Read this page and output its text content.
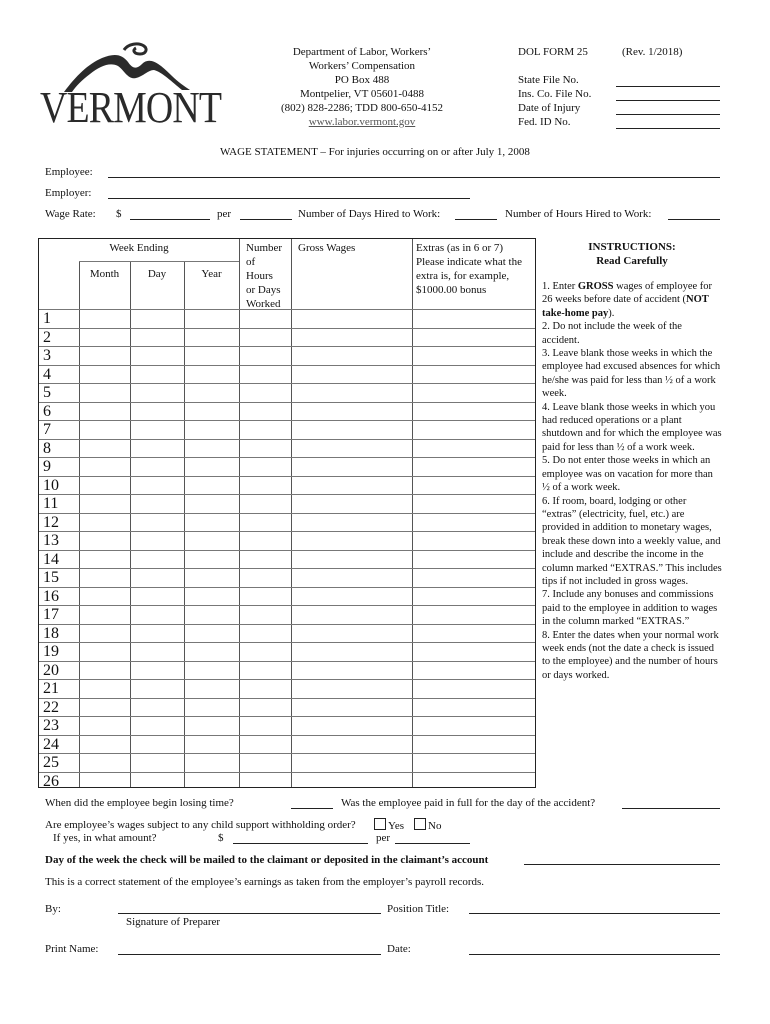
VERMONT
Department of Labor, Workers’
Workers’ Compensation
PO Box 488
Montpelier, VT 05601-0488
(802) 828-2286; TDD 800-650-4152
www.labor.vermont.gov
DOL FORM 25	(Rev. 1/2018)
State File No.
Ins. Co. File No.
Date of Injury
Fed. ID No.
WAGE STATEMENT – For injuries occurring on or after July 1, 2008
Employee:
Employer:
Wage Rate: $	per	Number of Days Hired to Work:	Number of Hours Hired to Work:
Week Ending
Month	Day	Year
Number
of
Hours
or Days
Worked
Gross Wages	Extras (as in 6 or 7)
Please indicate what the
extra is, for example,
$1000.00 bonus
1
2
3
4
5
6
7
8
9
10
11
12
13
14
15
16
17
18
19
20
21
22
23
24
25
26
INSTRUCTIONS:
Read Carefully

1. Enter GROSS wages of employee for 26 weeks before date of accident (NOT take-home pay).

2. Do not include the week of the accident.

3. Leave blank those weeks in which the employee had excused absences for which he/she was paid for less than ½ of a work week.

4. Leave blank those weeks in which you had reduced operations or a plant shutdown and for which the employee was paid for less than ½ of a work week.

5. Do not enter those weeks in which an employee was on vacation for more than ½ of a work week.

6. If room, board, lodging or other “extras” (electricity, fuel, etc.) are provided in addition to monetary wages, break these down into a weekly value, and include and describe the income in the column marked “EXTRAS.” This includes tips if not included in gross wages.

7. Include any bonuses and commissions paid to the employee in addition to wages in the column marked “EXTRAS.”

8. Enter the dates when your normal work week ends (not the date a check is issued to the employee) and the number of hours or days worked.

When did the employee begin losing time?	Was the employee paid in full for the day of the accident?
Are employee’s wages subject to any child support withholding order?	Yes	No
If yes, in what amount?	$	per
Day of the week the check will be mailed to the claimant or deposited in the claimant’s account
This is a correct statement of the employee’s earnings as taken from the employer’s payroll records.
By:	Position Title:
Signature of Preparer
Print Name:	Date:
